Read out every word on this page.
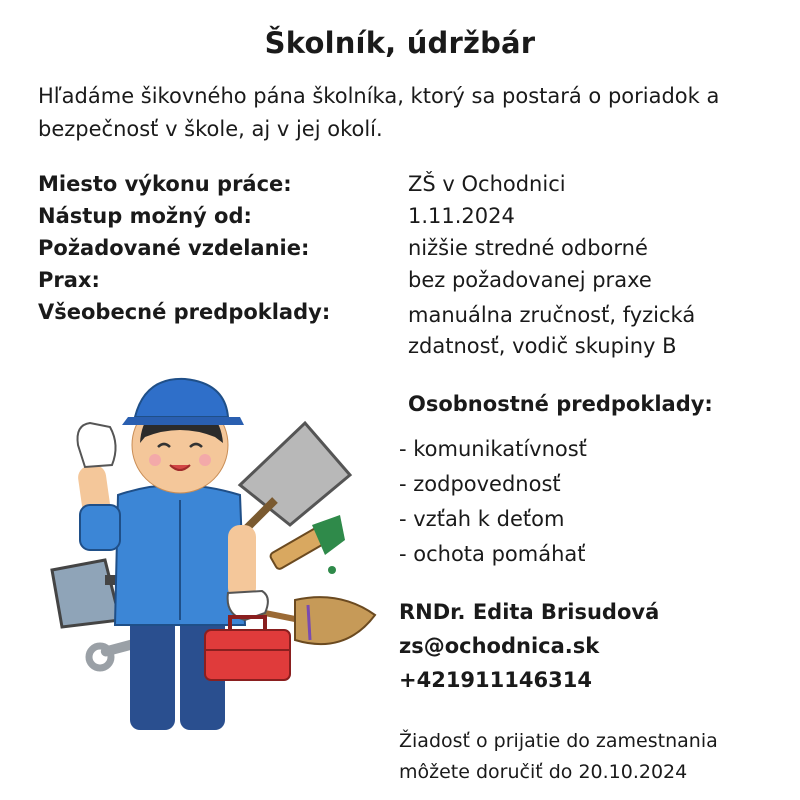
Školník, údržbár
Hľadáme šikovného pána školníka, ktorý sa postará o poriadok a bezpečnosť v škole, aj v jej okolí.
Miesto výkonu práce:	ZŠ v Ochodnici
Nástup možný od:	1.11.2024
Požadované vzdelanie:	nižšie stredné odborné
Prax:	bez požadovanej praxe
Všeobecné predpoklady:	manuálna zručnosť, fyzická
zdatnosť, vodič skupiny B
Osobnostné predpoklady:
- komunikatívnosť
- zodpovednosť
- vzťah k deťom
- ochota pomáhať
RNDr. Edita Brisudová
zs@ochodnica.sk
+421911146314
Žiadosť o prijatie do zamestnania
môžete doručiť do 20.10.2024
